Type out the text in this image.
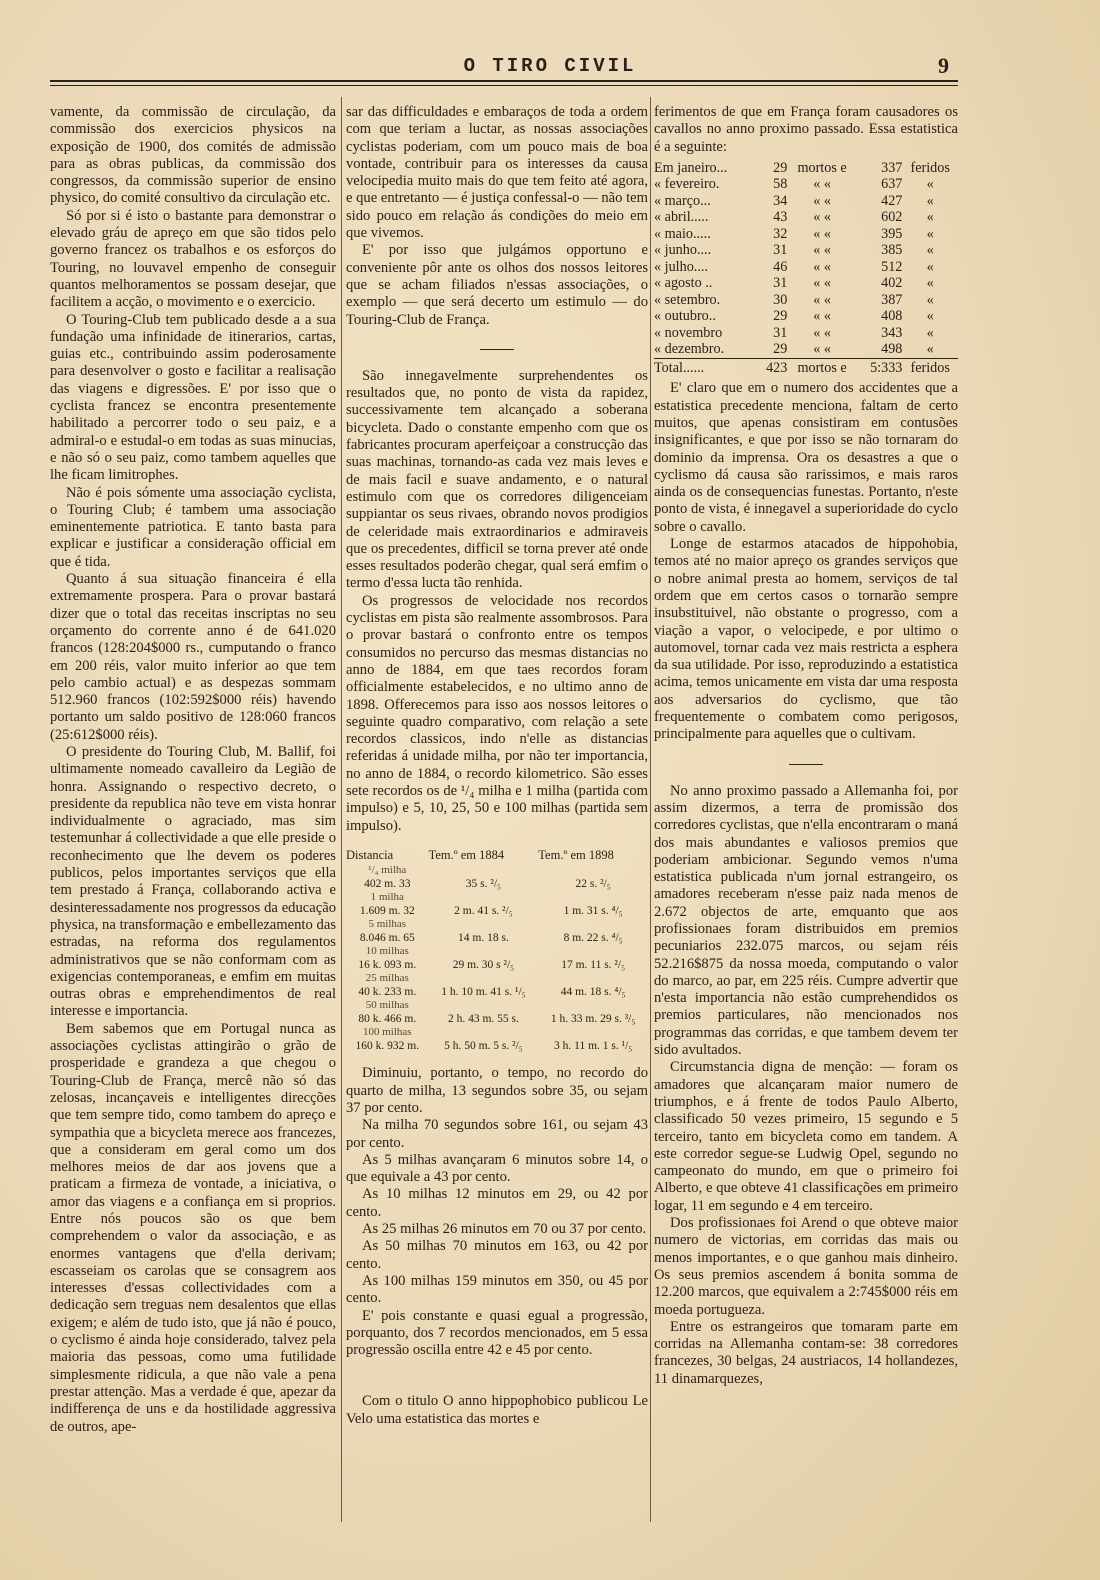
O TIRO CIVIL	9

vamente, da commissão de circulação, da commissão dos exercicios physicos na exposição de 1900, dos comités de admissão para as obras publicas, da commissão dos congressos, da commissão superior de ensino physico, do comité consultivo da circulação etc.

Só por si é isto o bastante para demonstrar o elevado gráu de apreço em que são tidos pelo governo francez os trabalhos e os esforços do Touring, no louvavel empenho de conseguir quantos melhoramentos se possam desejar, que facilitem a acção, o movimento e o exercicio.

O Touring-Club tem publicado desde a a sua fundação uma infinidade de itinerarios, cartas, guias etc., contribuindo assim poderosamente para desenvolver o gosto e facilitar a realisação das viagens e digressões. E' por isso que o cyclista francez se encontra presentemente habilitado a percorrer todo o seu paiz, e a admiral-o e estudal-o em todas as suas minucias, e não só o seu paiz, como tambem aquelles que lhe ficam limitrophes.

Não é pois sómente uma associação cyclista, o Touring Club; é tambem uma associação eminentemente patriotica. E tanto basta para explicar e justificar a consideração official em que é tida.

Quanto á sua situação financeira é ella extremamente prospera. Para o provar bastará dizer que o total das receitas inscriptas no seu orçamento do corrente anno é de 641.020 francos (128:204$000 rs., cumputando o franco em 200 réis, valor muito inferior ao que tem pelo cambio actual) e as despezas sommam 512.960 francos (102:592$000 réis) havendo portanto um saldo positivo de 128:060 francos (25:612$000 réis).

O presidente do Touring Club, M. Ballif, foi ultimamente nomeado cavalleiro da Legião de honra. Assignando o respectivo decreto, o presidente da republica não teve em vista honrar individualmente o agraciado, mas sim testemunhar á collectividade a que elle preside o reconhecimento que lhe devem os poderes publicos, pelos importantes serviços que ella tem prestado á França, collaborando activa e desinteressadamente nos progressos da educação physica, na transformação e embellezamento das estradas, na reforma dos regulamentos administrativos que se não conformam com as exigencias contemporaneas, e emfim em muitas outras obras e emprehendimentos de real interesse e importancia.

Bem sabemos que em Portugal nunca as associações cyclistas attingirão o grão de prosperidade e grandeza a que chegou o Touring-Club de França, mercê não só das zelosas, incançaveis e intelligentes direcções que tem sempre tido, como tambem do apreço e sympathia que a bicycleta merece aos francezes, que a consideram em geral como um dos melhores meios de dar aos jovens que a praticam a firmeza de vontade, a iniciativa, o amor das viagens e a confiança em si proprios. Entre nós poucos são os que bem comprehendem o valor da associação, e as enormes vantagens que d'ella derivam; escasseiam os carolas que se consagrem aos interesses d'essas collectividades com a dedicação sem treguas nem desalentos que ellas exigem; e além de tudo isto, que já não é pouco, o cyclismo é ainda hoje considerado, talvez pela maioria das pessoas, como uma futilidade simplesmente ridicula, a que não vale a pena prestar attenção. Mas a verdade é que, apezar da indifferença de uns e da hostilidade aggressiva de outros, ape-

sar das difficuldades e embaraços de toda a ordem com que teriam a luctar, as nossas associações cyclistas poderiam, com um pouco mais de boa vontade, contribuir para os interesses da causa velocipedia muito mais do que tem feito até agora, e que entretanto — é justiça confessal-o — não tem sido pouco em relação ás condições do meio em que vivemos.

E' por isso que julgámos opportuno e conveniente pôr ante os olhos dos nossos leitores que se acham filiados n'essas associações, o exemplo — que será decerto um estimulo — do Touring-Club de França.

São innegavelmente surprehendentes os resultados que, no ponto de vista da rapidez, successivamente tem alcançado a soberana bicycleta. Dado o constante empenho com que os fabricantes procuram aperfeiçoar a construcção das suas machinas, tornando-as cada vez mais leves e de mais facil e suave andamento, e o natural estimulo com que os corredores diligenceiam suppiantar os seus rivaes, obrando novos prodigios de celeridade mais extraordinarios e admiraveis que os precedentes, difficil se torna prever até onde esses resultados poderão chegar, qual será emfim o termo d'essa lucta tão renhida.

Os progressos de velocidade nos recordos cyclistas em pista são realmente assombrosos. Para o provar bastará o confronto entre os tempos consumidos no percurso das mesmas distancias no anno de 1884, em que taes recordos foram officialmente estabelecidos, e no ultimo anno de 1898. Offerecemos para isso aos nossos leitores o seguinte quadro comparativo, com relação a sete recordos classicos, indo n'elle as distancias referidas á unidade milha, por não ter importancia, no anno de 1884, o recordo kilometrico. São esses sete recordos os de ¹/₄ milha e 1 milha (partida com impulso) e 5, 10, 25, 50 e 100 milhas (partida sem impulso).

Distancia	Tem.º em 1884	Tem.º em 1898
¹/₄ milha		
402 m. 33	35 s. ²/₅	22 s. ²/₅
1 milha		
1.609 m. 32	2 m. 41 s. ²/₅	1 m. 31 s. ⁴/₅
5 milhas		
8.046 m. 65	14 m. 18 s.	8 m. 22 s. ⁴/₅
10 milhas		
16 k. 093 m.	29 m. 30 s ²/₅	17 m. 11 s. ²/₅
25 milhas		
40 k. 233 m.	1 h. 10 m. 41 s. ¹/₅	44 m. 18 s. ⁴/₅
50 milhas		
80 k. 466 m.	2 h. 43 m. 55 s.	1 h. 33 m. 29 s. ³/₅
100 milhas		
160 k. 932 m.	5 h. 50 m. 5 s. ²/₅	3 h. 11 m. 1 s. ¹/₅

Diminuiu, portanto, o tempo, no recordo do quarto de milha, 13 segundos sobre 35, ou sejam 37 por cento.

Na milha 70 segundos sobre 161, ou sejam 43 por cento.

As 5 milhas avançaram 6 minutos sobre 14, o que equivale a 43 por cento.

As 10 milhas 12 minutos em 29, ou 42 por cento.

As 25 milhas 26 minutos em 70 ou 37 por cento.

As 50 milhas 70 minutos em 163, ou 42 por cento.

As 100 milhas 159 minutos em 350, ou 45 por cento.

E' pois constante e quasi egual a progressão, porquanto, dos 7 recordos mencionados, em 5 essa progressão oscilla entre 42 e 45 por cento.

Com o titulo O anno hippophobico publicou Le Velo uma estatistica das mortes e

ferimentos de que em França foram causadores os cavallos no anno proximo passado. Essa estatistica é a seguinte:

Em janeiro...	29	mortos e	337	feridos
« fevereiro.	58	« «	637	«
« março...	34	« «	427	«
« abril.....	43	« «	602	«
« maio.....	32	« «	395	«
« junho....	31	« «	385	«
« julho....	46	« «	512	«
« agosto ..	31	« «	402	«
« setembro.	30	« «	387	«
« outubro..	29	« «	408	«
« novembro	31	« «	343	«
« dezembro.	29	« «	498	«
Total......	423	mortos e	5:333	feridos

E' claro que em o numero dos accidentes que a estatistica precedente menciona, faltam de certo muitos, que apenas consistiram em contusões insignificantes, e que por isso se não tornaram do dominio da imprensa. Ora os desastres a que o cyclismo dá causa são rarissimos, e mais raros ainda os de consequencias funestas. Portanto, n'este ponto de vista, é innegavel a superioridade do cyclo sobre o cavallo.

Longe de estarmos atacados de hippohobia, temos até no maior apreço os grandes serviços que o nobre animal presta ao homem, serviços de tal ordem que em certos casos o tornarão sempre insubstituivel, não obstante o progresso, com a viação a vapor, o velocipede, e por ultimo o automovel, tornar cada vez mais restricta a esphera da sua utilidade. Por isso, reproduzindo a estatistica acima, temos unicamente em vista dar uma resposta aos adversarios do cyclismo, que tão frequentemente o combatem como perigosos, principalmente para aquelles que o cultivam.

No anno proximo passado a Allemanha foi, por assim dizermos, a terra de promissão dos corredores cyclistas, que n'ella encontraram o maná dos mais abundantes e valiosos premios que poderiam ambicionar. Segundo vemos n'uma estatistica publicada n'um jornal estrangeiro, os amadores receberam n'esse paiz nada menos de 2.672 objectos de arte, emquanto que aos profissionaes foram distribuidos em premios pecuniarios 232.075 marcos, ou sejam réis 52.216$875 da nossa moeda, computando o valor do marco, ao par, em 225 réis. Cumpre advertir que n'esta importancia não estão cumprehendidos os premios particulares, não mencionados nos programmas das corridas, e que tambem devem ter sido avultados.

Circumstancia digna de menção: — foram os amadores que alcançaram maior numero de triumphos, e á frente de todos Paulo Alberto, classificado 50 vezes primeiro, 15 segundo e 5 terceiro, tanto em bicycleta como em tandem. A este corredor segue-se Ludwig Opel, segundo no campeonato do mundo, em que o primeiro foi Alberto, e que obteve 41 classificações em primeiro logar, 11 em segundo e 4 em terceiro.

Dos profissionaes foi Arend o que obteve maior numero de victorias, em corridas das mais ou menos importantes, e o que ganhou mais dinheiro. Os seus premios ascendem á bonita somma de 12.200 marcos, que equivalem a 2:745$000 réis em moeda portugueza.

Entre os estrangeiros que tomaram parte em corridas na Allemanha contam-se: 38 corredores francezes, 30 belgas, 24 austriacos, 14 hollandezes, 11 dinamarquezes,
